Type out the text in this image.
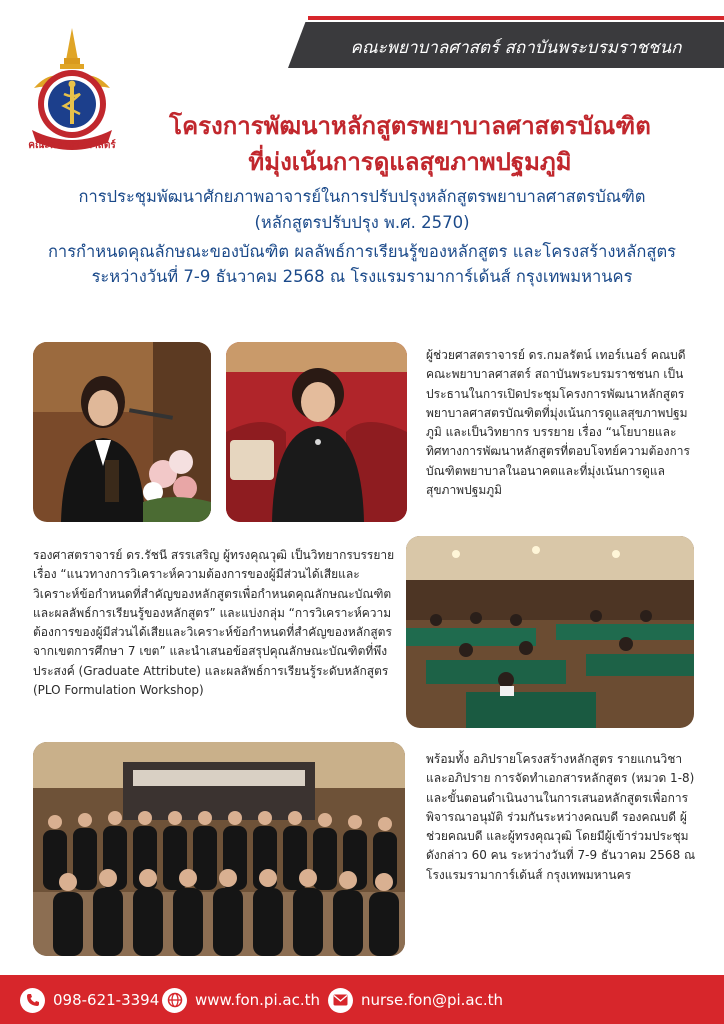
คณะพยาบาลศาสตร์ สถาบันพระบรมราชชนก
คณะพยาบาลศาสตร์
โครงการพัฒนาหลักสูตรพยาบาลศาสตรบัณฑิต
ที่มุ่งเน้นการดูแลสุขภาพปฐมภูมิ
การประชุมพัฒนาศักยภาพอาจารย์ในการปรับปรุงหลักสูตรพยาบาลศาสตรบัณฑิต
(หลักสูตรปรับปรุง พ.ศ. 2570)
การกำหนดคุณลักษณะของบัณฑิต ผลลัพธ์การเรียนรู้ของหลักสูตร และโครงสร้างหลักสูตร
ระหว่างวันที่ 7-9 ธันวาคม 2568 ณ โรงแรมรามาการ์เด้นส์ กรุงเทพมหานคร

ผู้ช่วยศาสตราจารย์ ดร.กมลรัตน์ เทอร์เนอร์ คณบดีคณะพยาบาลศาสตร์ สถาบันพระบรมราชชนก เป็นประธานในการเปิดประชุมโครงการพัฒนาหลักสูตรพยาบาลศาสตรบัณฑิตที่มุ่งเน้นการดูแลสุขภาพปฐมภูมิ และเป็นวิทยากร บรรยาย เรื่อง “นโยบายและทิศทางการพัฒนาหลักสูตรที่ตอบโจทย์ความต้องการบัณฑิตพยาบาลในอนาคตและที่มุ่งเน้นการดูแลสุขภาพปฐมภูมิ

รองศาสตราจารย์ ดร.รัชนี สรรเสริญ ผู้ทรงคุณวุฒิ เป็นวิทยากรบรรยาย เรื่อง “แนวทางการวิเคราะห์ความต้องการของผู้มีส่วนได้เสียและวิเคราะห์ข้อกำหนดที่สำคัญของหลักสูตรเพื่อกำหนดคุณลักษณะบัณฑิตและผลลัพธ์การเรียนรู้ของหลักสูตร” และแบ่งกลุ่ม “การวิเคราะห์ความต้องการของผู้มีส่วนได้เสียและวิเคราะห์ข้อกำหนดที่สำคัญของหลักสูตร จากเขตการศึกษา 7 เขต” และนำเสนอข้อสรุปคุณลักษณะบัณฑิตที่พึงประสงค์ (Graduate Attribute) และผลลัพธ์การเรียนรู้ระดับหลักสูตร (PLO Formulation Workshop)

พร้อมทั้ง อภิปรายโครงสร้างหลักสูตร รายแกนวิชา และอภิปราย การจัดทำเอกสารหลักสูตร (หมวด 1-8) และขั้นตอนดำเนินงานในการเสนอหลักสูตรเพื่อการพิจารณาอนุมัติ ร่วมกันระหว่างคณบดี รองคณบดี ผู้ช่วยคณบดี และผู้ทรงคุณวุฒิ โดยมีผู้เข้าร่วมประชุมดังกล่าว 60 คน ระหว่างวันที่ 7-9 ธันวาคม 2568 ณ โรงแรมรามาการ์เด้นส์ กรุงเทพมหานคร

098-621-3394 www.fon.pi.ac.th	nurse.fon@pi.ac.th
